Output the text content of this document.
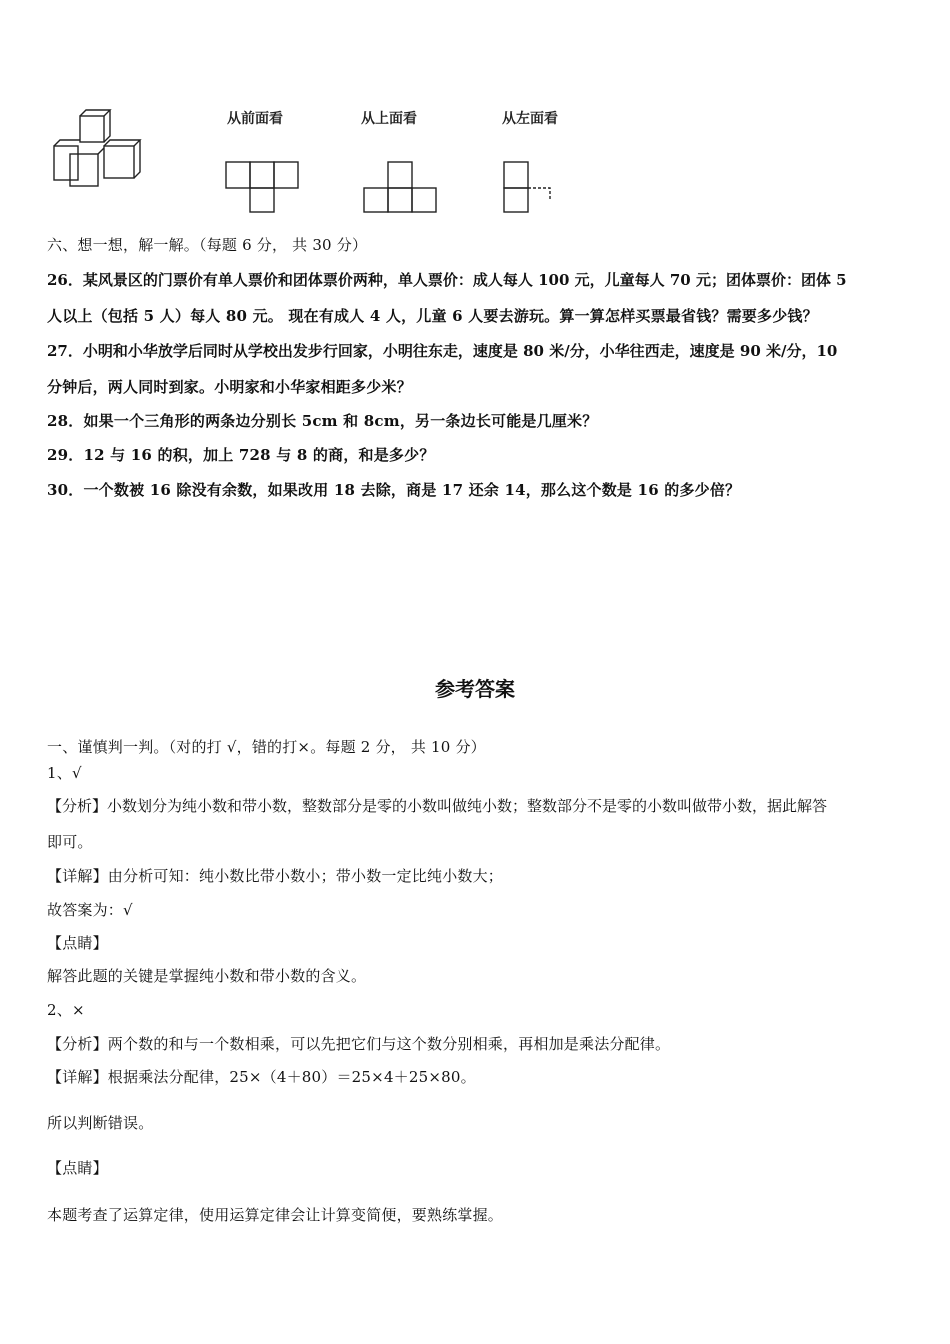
从前面看	从上面看	从左面看
六、想一想，解一解。（每题 6 分， 共 30 分）
26．某风景区的门票价有单人票价和团体票价两种，单人票价：成人每人 100 元，儿童每人 70 元；团体票价：团体 5
人以上（包括 5 人）每人 80 元。 现在有成人 4 人，儿童 6 人要去游玩。算一算怎样买票最省钱？需要多少钱？
27．小明和小华放学后同时从学校出发步行回家，小明往东走，速度是 80 米/分，小华往西走，速度是 90 米/分，10
分钟后，两人同时到家。小明家和小华家相距多少米？
28．如果一个三角形的两条边分别长 5cm 和 8cm，另一条边长可能是几厘米？
29．12 与 16 的积，加上 728 与 8 的商，和是多少？
30．一个数被 16 除没有余数，如果改用 18 去除，商是 17 还余 14，那么这个数是 16 的多少倍？
参考答案
一、谨慎判一判。（对的打 √，错的打×。每题 2 分， 共 10 分）
1、√
【分析】小数划分为纯小数和带小数，整数部分是零的小数叫做纯小数；整数部分不是零的小数叫做带小数，据此解答
即可。
【详解】由分析可知：纯小数比带小数小；带小数一定比纯小数大；
故答案为：√
【点睛】
解答此题的关键是掌握纯小数和带小数的含义。
2、×
【分析】两个数的和与一个数相乘，可以先把它们与这个数分别相乘，再相加是乘法分配律。
【详解】根据乘法分配律，25×（4＋80）＝25×4＋25×80。
所以判断错误。
【点睛】
本题考查了运算定律，使用运算定律会让计算变简便，要熟练掌握。
